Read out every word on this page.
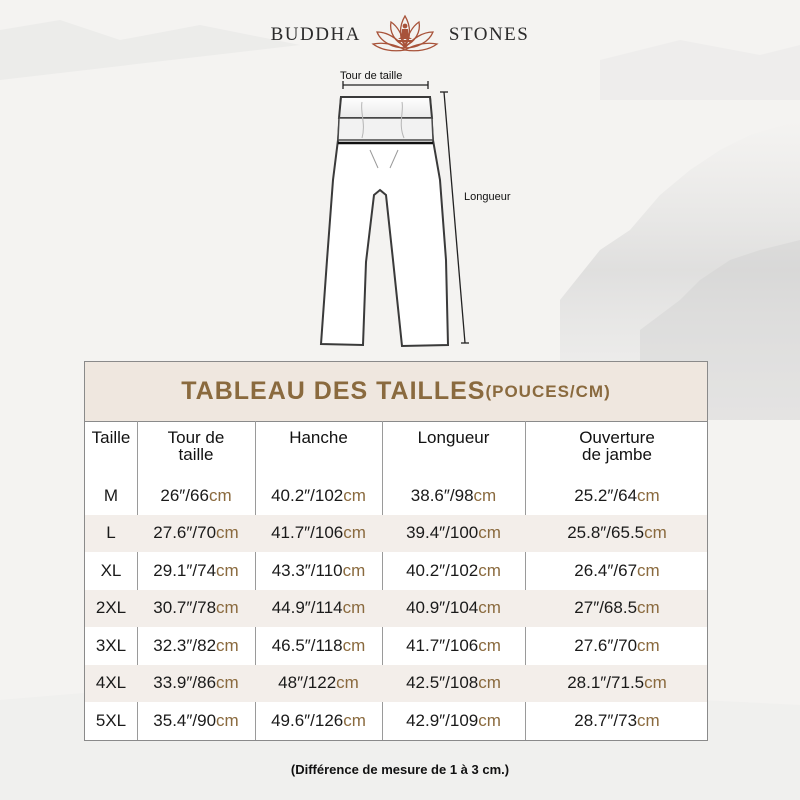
BUDDHA	STONES
Tour de taille
Longueur
TABLEAU DES TAILLES (POUCES/CM)
Taille	Tour de
taille
Hanche	Longueur	Ouverture
de jambe
M 26″/66 cm 40.2″/102 cm	38.6″/98 cm	25.2″/64 cm
L 27.6″/70 cm 41.7″/106 cm 39.4″/100 cm	25.8″/65.5 cm
XL 29.1″/74 cm 43.3″/110 cm 40.2″/102 cm	26.4″/67 cm
2XL 30.7″/78 cm 44.9″/114 cm 40.9″/104 cm	27″/68.5 cm
3XL 32.3″/82 cm 46.5″/118 cm 41.7″/106 cm	27.6″/70 cm
4XL 33.9″/86 cm 48″/122 cm	42.5″/108 cm	28.1″/71.5 cm
5XL 35.4″/90 cm 49.6″/126 cm 42.9″/109 cm	28.7″/73 cm
(Différence de mesure de 1 à 3 cm.)
